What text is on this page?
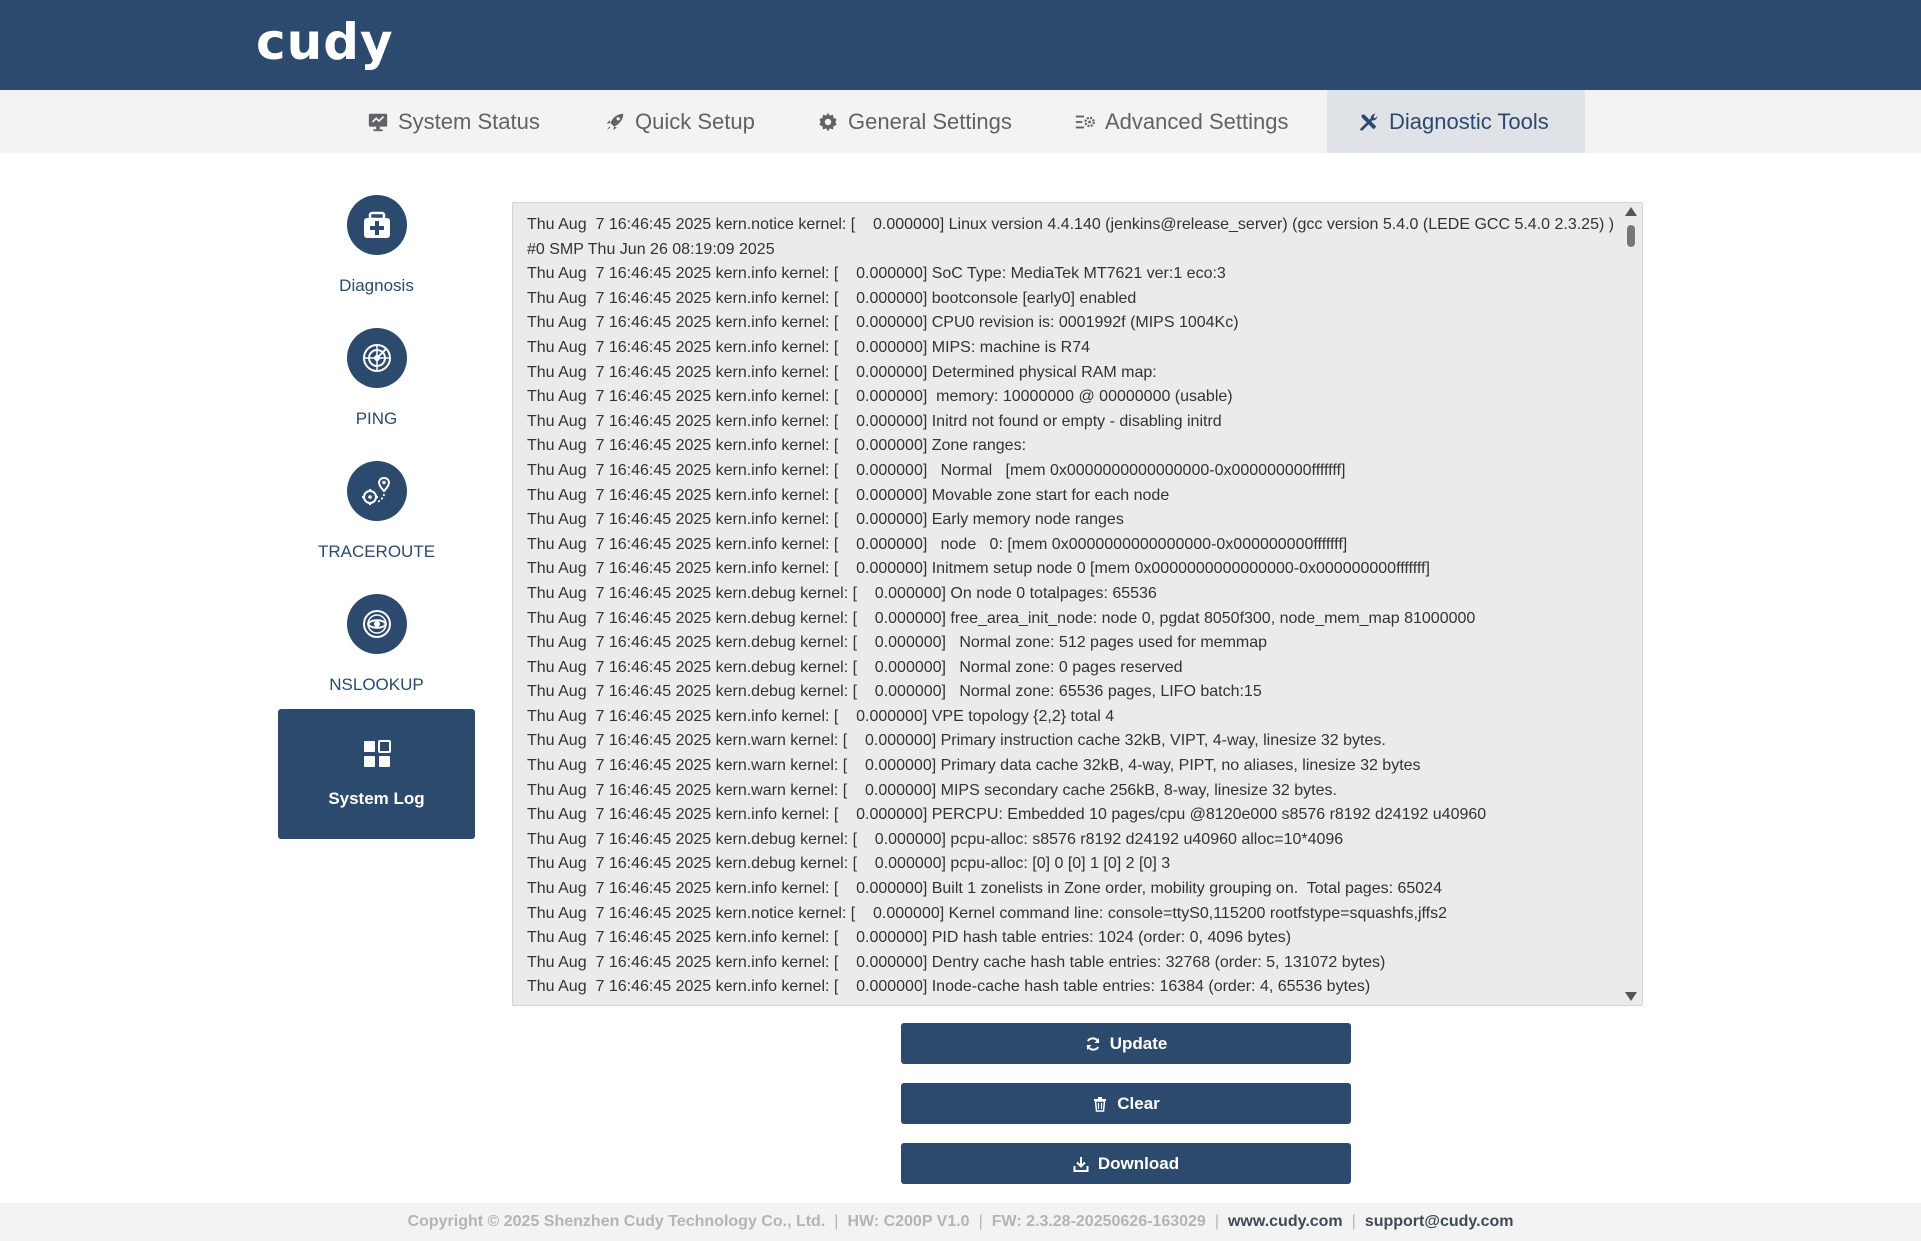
cudy
System Status	Quick Setup	General Settings	Advanced Settings	Diagnostic Tools
Diagnosis
PING
TRACEROUTE
NSLOOKUP
System Log
Thu Aug  7 16:46:45 2025 kern.notice kernel: [    0.000000] Linux version 4.4.140 (jenkins@release_server) (gcc version 5.4.0 (LEDE GCC 5.4.0 2.3.25) ) #0 SMP Thu Jun 26 08:19:09 2025
Thu Aug  7 16:46:45 2025 kern.info kernel: [    0.000000] SoC Type: MediaTek MT7621 ver:1 eco:3
Thu Aug  7 16:46:45 2025 kern.info kernel: [    0.000000] bootconsole [early0] enabled
Thu Aug  7 16:46:45 2025 kern.info kernel: [    0.000000] CPU0 revision is: 0001992f (MIPS 1004Kc)
Thu Aug  7 16:46:45 2025 kern.info kernel: [    0.000000] MIPS: machine is R74
Thu Aug  7 16:46:45 2025 kern.info kernel: [    0.000000] Determined physical RAM map:
Thu Aug  7 16:46:45 2025 kern.info kernel: [    0.000000]  memory: 10000000 @ 00000000 (usable)
Thu Aug  7 16:46:45 2025 kern.info kernel: [    0.000000] Initrd not found or empty - disabling initrd
Thu Aug  7 16:46:45 2025 kern.info kernel: [    0.000000] Zone ranges:
Thu Aug  7 16:46:45 2025 kern.info kernel: [    0.000000]   Normal   [mem 0x0000000000000000-0x000000000fffffff]
Thu Aug  7 16:46:45 2025 kern.info kernel: [    0.000000] Movable zone start for each node
Thu Aug  7 16:46:45 2025 kern.info kernel: [    0.000000] Early memory node ranges
Thu Aug  7 16:46:45 2025 kern.info kernel: [    0.000000]   node   0: [mem 0x0000000000000000-0x000000000fffffff]
Thu Aug  7 16:46:45 2025 kern.info kernel: [    0.000000] Initmem setup node 0 [mem 0x0000000000000000-0x000000000fffffff]
Thu Aug  7 16:46:45 2025 kern.debug kernel: [    0.000000] On node 0 totalpages: 65536
Thu Aug  7 16:46:45 2025 kern.debug kernel: [    0.000000] free_area_init_node: node 0, pgdat 8050f300, node_mem_map 81000000
Thu Aug  7 16:46:45 2025 kern.debug kernel: [    0.000000]   Normal zone: 512 pages used for memmap
Thu Aug  7 16:46:45 2025 kern.debug kernel: [    0.000000]   Normal zone: 0 pages reserved
Thu Aug  7 16:46:45 2025 kern.debug kernel: [    0.000000]   Normal zone: 65536 pages, LIFO batch:15
Thu Aug  7 16:46:45 2025 kern.info kernel: [    0.000000] VPE topology {2,2} total 4
Thu Aug  7 16:46:45 2025 kern.warn kernel: [    0.000000] Primary instruction cache 32kB, VIPT, 4-way, linesize 32 bytes.
Thu Aug  7 16:46:45 2025 kern.warn kernel: [    0.000000] Primary data cache 32kB, 4-way, PIPT, no aliases, linesize 32 bytes
Thu Aug  7 16:46:45 2025 kern.warn kernel: [    0.000000] MIPS secondary cache 256kB, 8-way, linesize 32 bytes.
Thu Aug  7 16:46:45 2025 kern.info kernel: [    0.000000] PERCPU: Embedded 10 pages/cpu @8120e000 s8576 r8192 d24192 u40960
Thu Aug  7 16:46:45 2025 kern.debug kernel: [    0.000000] pcpu-alloc: s8576 r8192 d24192 u40960 alloc=10*4096
Thu Aug  7 16:46:45 2025 kern.debug kernel: [    0.000000] pcpu-alloc: [0] 0 [0] 1 [0] 2 [0] 3
Thu Aug  7 16:46:45 2025 kern.info kernel: [    0.000000] Built 1 zonelists in Zone order, mobility grouping on.  Total pages: 65024
Thu Aug  7 16:46:45 2025 kern.notice kernel: [    0.000000] Kernel command line: console=ttyS0,115200 rootfstype=squashfs,jffs2
Thu Aug  7 16:46:45 2025 kern.info kernel: [    0.000000] PID hash table entries: 1024 (order: 0, 4096 bytes)
Thu Aug  7 16:46:45 2025 kern.info kernel: [    0.000000] Dentry cache hash table entries: 32768 (order: 5, 131072 bytes)
Thu Aug  7 16:46:45 2025 kern.info kernel: [    0.000000] Inode-cache hash table entries: 16384 (order: 4, 65536 bytes)
Update
Clear
Download
Copyright © 2025 Shenzhen Cudy Technology Co., Ltd. | HW: C200P V1.0 | FW: 2.3.28-20250626-163029 | www.cudy.com | support@cudy.com
